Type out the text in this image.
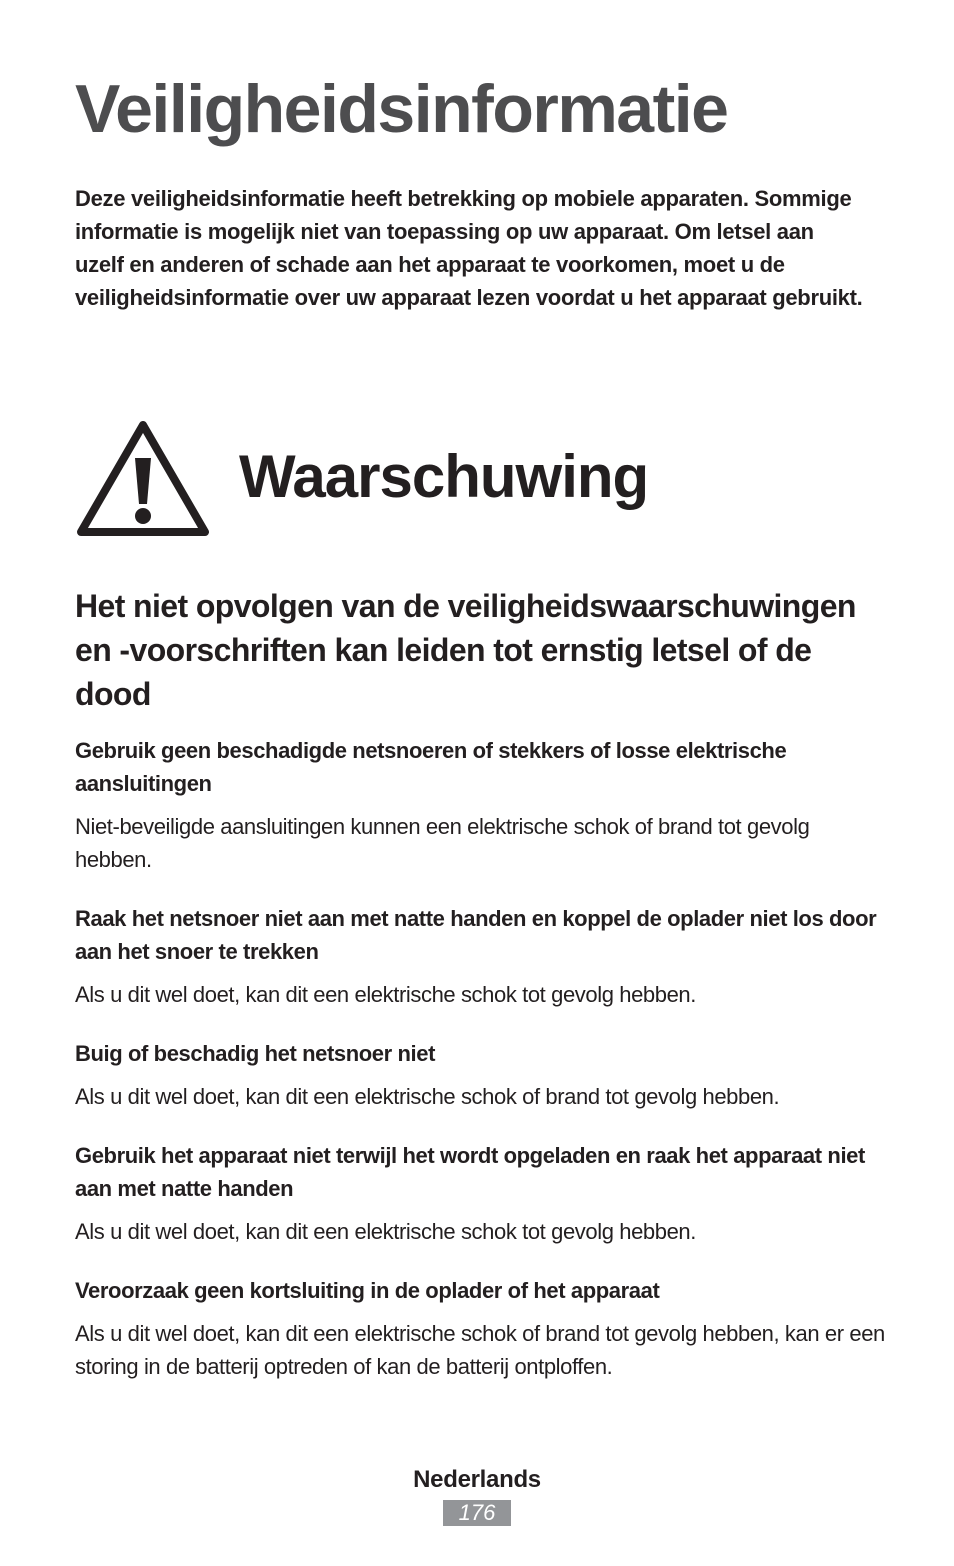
Veiligheidsinformatie

Deze veiligheidsinformatie heeft betrekking op mobiele apparaten. Sommige informatie is mogelijk niet van toepassing op uw apparaat. Om letsel aan uzelf en anderen of schade aan het apparaat te voorkomen, moet u de veiligheidsinformatie over uw apparaat lezen voordat u het apparaat gebruikt.

Waarschuwing
Het niet opvolgen van de veiligheidswaarschuwingen en -voorschriften kan leiden tot ernstig letsel of de dood

Gebruik geen beschadigde netsnoeren of stekkers of losse elektrische aansluitingen

Niet-beveiligde aansluitingen kunnen een elektrische schok of brand tot gevolg hebben.

Raak het netsnoer niet aan met natte handen en koppel de oplader niet los door aan het snoer te trekken

Als u dit wel doet, kan dit een elektrische schok tot gevolg hebben.

Buig of beschadig het netsnoer niet

Als u dit wel doet, kan dit een elektrische schok of brand tot gevolg hebben.

Gebruik het apparaat niet terwijl het wordt opgeladen en raak het apparaat niet aan met natte handen

Als u dit wel doet, kan dit een elektrische schok tot gevolg hebben.

Veroorzaak geen kortsluiting in de oplader of het apparaat

Als u dit wel doet, kan dit een elektrische schok of brand tot gevolg hebben, kan er een storing in de batterij optreden of kan de batterij ontploffen.

Nederlands
176
